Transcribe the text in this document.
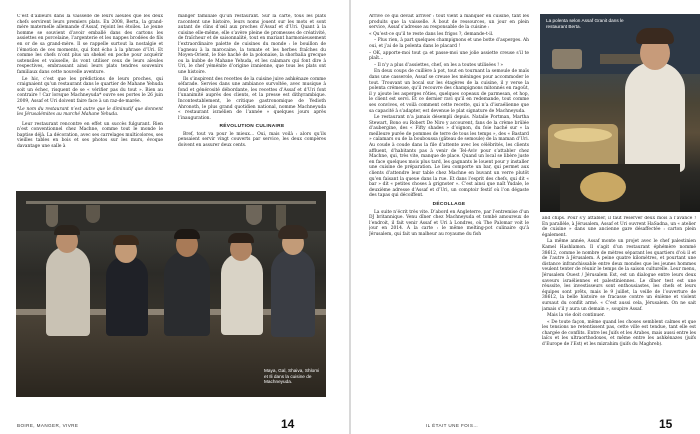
C’est d’ailleurs dans la vaisselle de leurs aïeules que les deux chefs servirent leurs premiers plats. En 2008, Berta, la grand-mère maternelle allemande d’Assaf, rejoint les étoiles. Le jeune homme se souvient d’avoir emballé dans des cartons les assiettes en porcelaine, l’argenterie et les nappes brodées de fils en or de sa grand-mère. Il se rappelle surtout la nostalgie et l’émotion de ces moments, qui font écho à la phrase d’Uri. Et comme les chefs n’ont plus un shekel en poche pour acquérir ustensiles et vaisselle, ils vont utiliser ceux de leurs aïeules respectives, embrassant ainsi leurs plats tendres souvenirs familiaux dans cette nouvelle aventure.

Le hic, c’est que les prédictions de leurs proches, qui craignaient qu’un restaurant dans le quartier de Mahane Yehuda soit un échec, risquent de se « vérifier pas du tout ». Bien au contraire ! Car lorsque Machneyuda* ouvre ses portes le 26 juin 2009, Assaf et Uri doivent faire face à un raz-de-marée.

*Le nom du restaurant n’est autre que le diminutif que donnent les Jérusalémites au marché Mahane Yehuda.

Leur restaurant rencontre en effet un succès fulgurant. Rien n’est conventionnel chez Machne, comme tout le monde le baptise déjà. La décoration, avec ses carrelages multicolores, ses vieilles tables en bois et ses photos sur les murs, évoque davantage une salle à

manger familiale qu’un restaurant. Sur la carte, tous les plats racontent une histoire, leurs noms jouent sur les mots et sont autant de clins d’œil aux proches d’Assaf et d’Uri. Quant à la cuisine elle-même, elle s’avère pleine de promesses de créativité, de fraîcheur et de saisonnalité, tout en mariant harmonieusement l’extraordinaire palette de cuisines du monde : le bouillon de l’agneau à la marocaine, la tomate et les herbes fraîches du Moyen-Orient, le foie haché de la polonaise, la shorbalia grecque ou la kubbe de Mahane Yehuda, et les calamars qui font dire à Uri, le chef yéménite d’origine iranienne, que tous les plats ont une histoire.

Ils s’inspirent des recettes de la cuisine juive ashkénaze comme séfarade. Servies dans une ambiance survoltée, avec musique à fond et générosité débordante, les recettes d’Assaf et d’Uri font l’unanimité auprès des clients, et la presse est dithyrambique. Incontestablement, le critique gastronomique de Yedioth Ahronoth, le plus grand quotidien national, nomme Machneyuda « restaurant israélien de l’année » quelques jours après l’inauguration.

RÉVOLUTION CULINAIRE

Bref, tout va pour le mieux… Oui, mais voilà : alors qu’ils pensaient servir vingt couverts par service, les deux compères doivent en assurer deux cents.

Maya, Gal, Shaiva, Shlomi et Ili dans la cuisine de Machneyuda.
BOIRE, MANGER, VIVRE	14

Arrive ce qui devait arriver : tout vient à manquer en cuisine, tant les produits que la vaisselle. À bout de ressources, un jour en plein service, Assaf s’adresse au responsable de la cuisine :

« Qu’est-ce qu’il te reste dans les frigos ?, demande-t-il.

– Plus rien, à part quelques champignons et une botte d’asperges. Ah oui, et j’ai de la polenta dans le placard !

– OK, apporte-moi tout ça et passe-moi une jolie assiette creuse s’il te plaît…

– Il n’y a plus d’assiettes, chef, on les a toutes utilisées ! »

En deux coups de cuillère à pot, tout en tournant la semoule de maïs dans une casserole, Assaf se creuse les méninges pour accommoder le tout. Trouvant un bocal sur les étagères de la cuisine, il y verse la polenta crémeuse, qu’il recouvre des champignons mitonnés en ragoût, il y ajoute les asperges rôties, quelques copeaux de parmesan, et hop, le client est servi. Et ce dernier ravi qu’il en redemande, tout comme ses convives, et voilà comment cette recette, qui n’a d’israélienne que sa capacité à s’adapter, est devenue le plat signature de Machneyuda.

Le restaurant n’a jamais désempli depuis. Natalie Portman, Martha Stewart, Bono ou Robert De Niro y accourent, fans de la crème brûlée d’aubergine, des « Fifty shades » d’oignon, du foie haché sur « la meilleure purée de pommes de terre de tous les temps », des « Bastard » calamars ou de la bouboussa (gâteau de semoule) de la maman d’Uri. Au coude à coude dans la file d’attente avec les célébrités, les clients affluent, d’habitants pas à venir de Tel-Aviv pour s’attabler chez Machne, qui, très vite, manque de place. Quand un local se libère juste en face quelques mois plus tard, les gagnants le louent pour y installer une cuisine de préparation. Le lieu comporte un bar, qui permet aux clients d’attendre leur table chez Machne en buvant un verre plutôt qu’en faisant la queue dans la rue. Et dans l’esprit des chefs, qui dit « bar » dit « petites choses à grignoter ». C’est ainsi que naît Yudale, le deuxième adresse d’Assaf et d’Uri, un comptoir festif où l’on dégaste des tapas qui décoiffent.

DÉCOLLAGE

La suite n’écrit très vite. D’abord en Angleterre, par l’entremise d’un DJ britannique. Venu dîner chez Machneyuda et tombé amoureux de l’endroit, il fait venir Assaf et Uri à Londres, où The Palomar voit le jour en 2014. À la carte : le même melting-pot culinaire qu’à Jérusalem, qui fait un malheur au royaume du fish

and chips. Pour s’y attabler, il faut réserver deux mois à l’avance ! En parallèle, à Jérusalem, Assaf et Uri ouvrent HaSadna, un « atelier de cuisine » dans une ancienne gare désaffectée : carton plein également.

La même année, Assaf monte un projet avec le chef palestinien Kamel Hashlamon. Il s’agit d’un restaurant éphémère nommé 38612, comme le nombre de mètres séparant les quartiers d’où il et de l’autre à Jérusalem. À peine quatre kilomètres, et pourtant une distance infranchissable entre deux mondes que les jeunes hommes veulent tenter de réunir le temps de la saison culturelle. Leur menu, Jérusalem Ouest / Jérusalem Est, est un dialogue entre leurs deux saveurs israéliennes et palestiniennes. Le dîner test est une réussite, les investisseurs sont enthousiastes, les chefs et leurs équipes sont prêts, mais le 9 juillet, la veille de l’ouverture de 38612, la belle histoire se fracasse contre un énième et violent sursaut du conflit armé. « C’est aussi cela, Jérusalem. On ne sait jamais s’il y aura un demain », soupire Assaf.

Mais la vie doit continuer.

« De toute façon, même quand les choses semblent calmes et que les tensions ne retentissent pas, cette ville est tendue, tant elle est chargée de conflits. Entre les Juifs et les Arabes, mais aussi entre les laïcs et les ultraorthodoxes, et même entre les ashkénazes (juifs d’Europe de l’Est) et les mizrahim (juifs du Maghreb).

IL ÉTAIT UNE FOIS…	15
La polenta selon Assaf Granit dans le restaurant Berta.
